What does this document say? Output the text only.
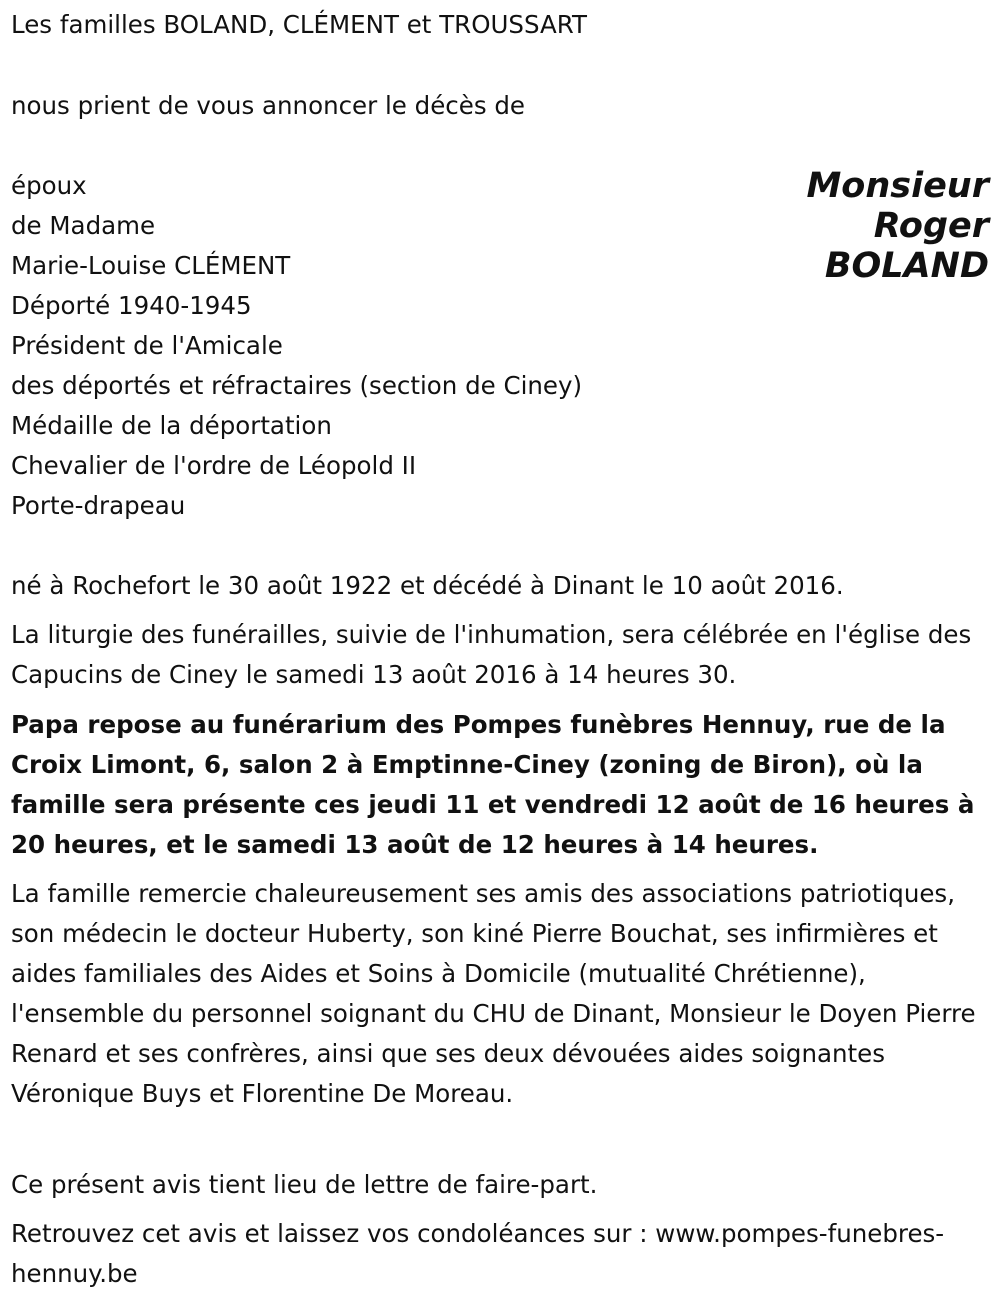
Les familles BOLAND, CLÉMENT et TROUSSART
nous prient de vous annoncer le décès de
Monsieur
Roger
BOLAND
époux
de Madame
Marie-Louise CLÉMENT
Déporté 1940-1945
Président de l'Amicale
des déportés et réfractaires (section de Ciney)
Médaille de la déportation
Chevalier de l'ordre de Léopold II
Porte-drapeau
né à Rochefort le 30 août 1922 et décédé à Dinant le 10 août 2016.

La liturgie des funérailles, suivie de l'inhumation, sera célébrée en l'église des Capucins de Ciney le samedi 13 août 2016 à 14 heures 30.

Papa repose au funérarium des Pompes funèbres Hennuy, rue de la Croix Limont, 6, salon 2 à Emptinne-Ciney (zoning de Biron), où la famille sera présente ces jeudi 11 et vendredi 12 août de 16 heures à 20 heures, et le samedi 13 août de 12 heures à 14 heures.

La famille remercie chaleureusement ses amis des associations patriotiques, son médecin le docteur Huberty, son kiné Pierre Bouchat, ses infirmières et aides familiales des Aides et Soins à Domicile (mutualité Chrétienne), l'ensemble du personnel soignant du CHU de Dinant, Monsieur le Doyen Pierre Renard et ses confrères, ainsi que ses deux dévouées aides soignantes Véronique Buys et Florentine De Moreau.

Ce présent avis tient lieu de lettre de faire-part.

Retrouvez cet avis et laissez vos condoléances sur : www.pompes-funebres-hennuy.be
